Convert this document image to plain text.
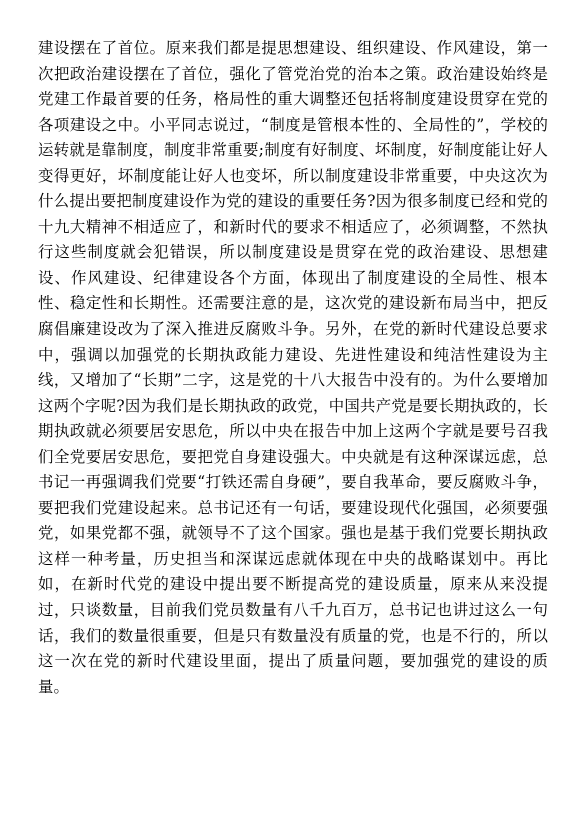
建设摆在了首位。原来我们都是提思想建设、组织建设、作风建设，第一次把政治建设摆在了首位，强化了管党治党的治本之策。政治建设始终是党建工作最首要的任务，格局性的重大调整还包括将制度建设贯穿在党的各项建设之中。小平同志说过，“制度是管根本性的、全局性的”，学校的运转就是靠制度，制度非常重要;制度有好制度、坏制度，好制度能让好人变得更好，坏制度能让好人也变坏，所以制度建设非常重要，中央这次为什么提出要把制度建设作为党的建设的重要任务?因为很多制度已经和党的十九大精神不相适应了，和新时代的要求不相适应了，必须调整，不然执行这些制度就会犯错误，所以制度建设是贯穿在党的政治建设、思想建设、作风建设、纪律建设各个方面，体现出了制度建设的全局性、根本性、稳定性和长期性。还需要注意的是，这次党的建设新布局当中，把反腐倡廉建设改为了深入推进反腐败斗争。另外，在党的新时代建设总要求中，强调以加强党的长期执政能力建设、先进性建设和纯洁性建设为主线，又增加了“长期”二字，这是党的十八大报告中没有的。为什么要增加这两个字呢?因为我们是长期执政的政党，中国共产党是要长期执政的，长期执政就必须要居安思危，所以中央在报告中加上这两个字就是要号召我们全党要居安思危，要把党自身建设强大。中央就是有这种深谋远虑，总书记一再强调我们党要“打铁还需自身硬”，要自我革命，要反腐败斗争，要把我们党建设起来。总书记还有一句话，要建设现代化强国，必须要强党，如果党都不强，就领导不了这个国家。强也是基于我们党要长期执政这样一种考量，历史担当和深谋远虑就体现在中央的战略谋划中。再比如，在新时代党的建设中提出要不断提高党的建设质量，原来从来没提过，只谈数量，目前我们党员数量有八千九百万，总书记也讲过这么一句话，我们的数量很重要，但是只有数量没有质量的党，也是不行的，所以这一次在党的新时代建设里面，提出了质量问题，要加强党的建设的质量。
